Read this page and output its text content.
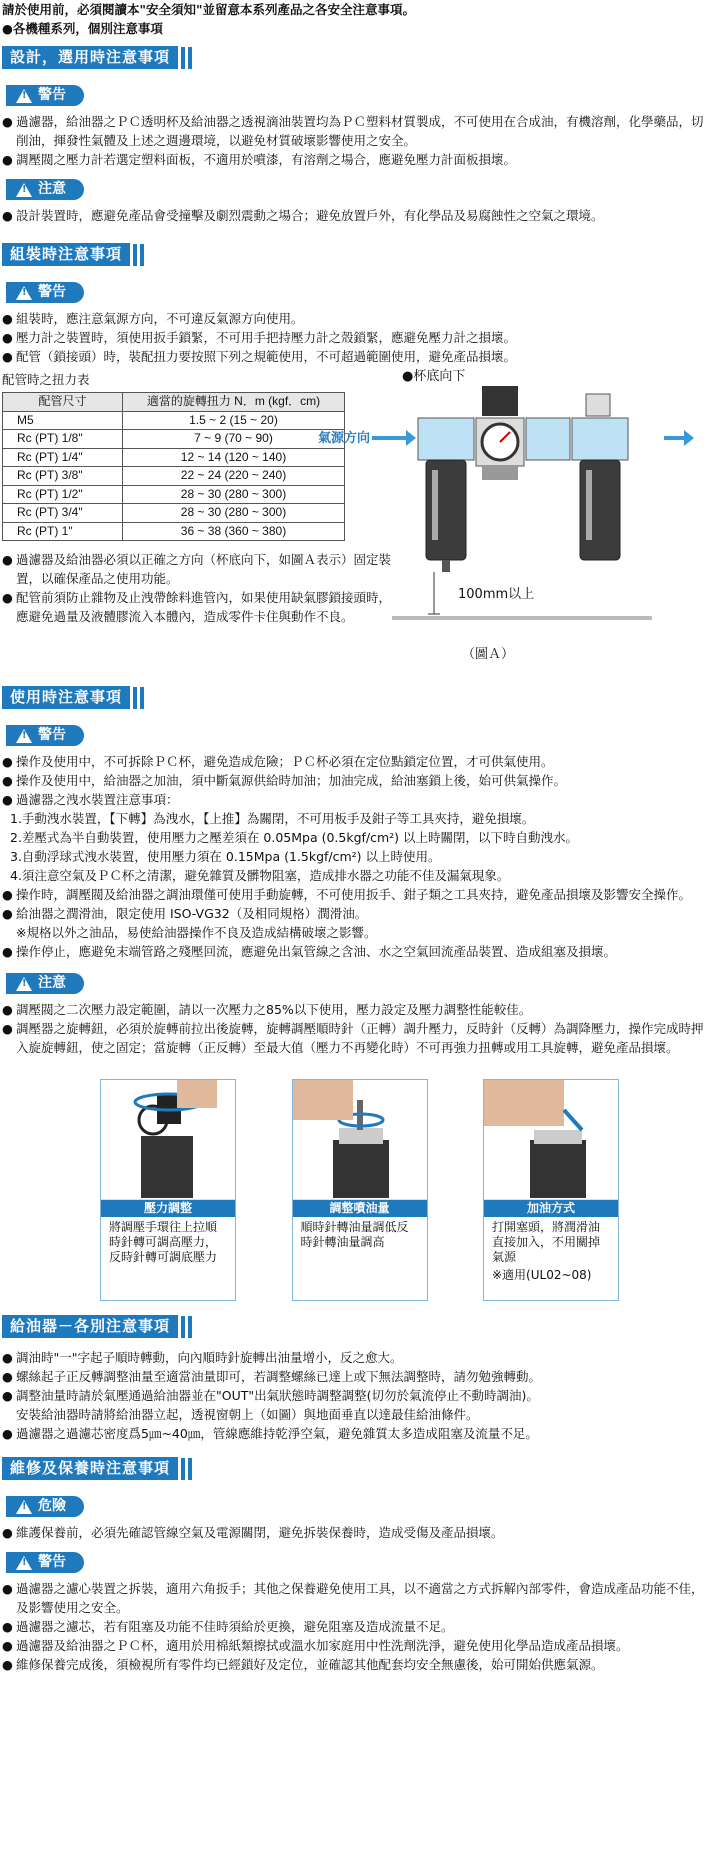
請於使用前，必須閱讀本"安全須知"並留意本系列產品之各安全注意事項。
●各機種系列，個別注意事項
設計，選用時注意事項
!
警告

● 過濾器，給油器之ＰＣ透明杯及給油器之透視滴油裝置均為ＰＣ塑料材質製成，不可使用在合成油，有機溶劑，化學藥品，切削油，揮發性氣體及上述之週邊環境，以避免材質破壞影響使用之安全。

● 調壓閥之壓力計若選定塑料面板，不適用於噴漆，有溶劑之場合，應避免壓力計面板損壞。

!
注意

● 設計裝置時，應避免產品會受撞擊及劇烈震動之場合；避免放置戶外，有化學品及易腐蝕性之空氣之環境。

組裝時注意事項
!
警告

● 組裝時，應注意氣源方向，不可違反氣源方向使用。

● 壓力計之裝置時，須使用扳手鎖緊，不可用手把持壓力計之殼鎖緊，應避免壓力計之損壞。

● 配管（鎖接頭）時，裝配扭力要按照下列之規範使用，不可超過範圍使用，避免產品損壞。

配管時之扭力表
配管尺寸	適當的旋轉扭力 N．m (kgf．cm)
M5	1.5 ~ 2 (15 ~ 20)
Rc (PT) 1/8"	7 ~ 9 (70 ~ 90)
Rc (PT) 1/4"	12 ~ 14 (120 ~ 140)
Rc (PT) 3/8"	22 ~ 24 (220 ~ 240)
Rc (PT) 1/2"	28 ~ 30 (280 ~ 300)
Rc (PT) 3/4"	28 ~ 30 (280 ~ 300)
Rc (PT) 1"	36 ~ 38 (360 ~ 380)

● 過濾器及給油器必須以正確之方向（杯底向下，如圖Ａ表示）固定裝置，以確保產品之使用功能。

● 配管前須防止雜物及止洩帶餘料進管內，如果使用缺氣膠鎖接頭時，應避免過量及液體膠流入本體內，造成零件卡住與動作不良。

●杯底向下
氣源方向
100mm以上
（圖Ａ）
使用時注意事項
!
警告

● 操作及使用中，不可拆除ＰＣ杯，避免造成危險；ＰＣ杯必須在定位點鎖定位置，才可供氣使用。

● 操作及使用中，給油器之加油，須中斷氣源供給時加油；加油完成，給油塞鎖上後，始可供氣操作。

● 過濾器之洩水裝置注意事項：

1.手動洩水裝置，【下轉】為洩水，【上推】為關閉，不可用板手及鉗子等工具夾持，避免損壞。

2.差壓式為半自動裝置，使用壓力之壓差須在 0.05Mpa (0.5kgf/cm²) 以上時關閉，以下時自動洩水。

3.自動浮球式洩水裝置，使用壓力須在 0.15Mpa (1.5kgf/cm²) 以上時使用。

4.須注意空氣及ＰＣ杯之清潔，避免雜質及髒物阻塞，造成排水器之功能不佳及漏氣現象。

● 操作時，調壓閥及給油器之調油環僅可使用手動旋轉，不可使用扳手、鉗子類之工具夾持，避免產品損壞及影響安全操作。

● 給油器之潤滑油，限定使用 ISO-VG32（及相同規格）潤滑油。

※規格以外之油品，易使給油器操作不良及造成結構破壞之影響。

● 操作停止，應避免末端管路之殘壓回流，應避免出氣管線之含油、水之空氣回流產品裝置、造成組塞及損壞。

!
注意

● 調壓閥之二次壓力設定範圍，請以一次壓力之85%以下使用，壓力設定及壓力調整性能較佳。

● 調壓器之旋轉鈕，必須於旋轉前拉出後旋轉，旋轉調壓順時針（正轉）調升壓力，反時針（反轉）為調降壓力，操作完成時押入旋旋轉鈕，使之固定；當旋轉（正反轉）至最大值（壓力不再變化時）不可再強力扭轉或用工具旋轉，避免產品損壞。

壓力調整
將調壓手環往上拉順時針轉可調高壓力，反時針轉可調底壓力
調整噴油量
順時針轉油量調低反時針轉油量調高
加油方式
打開塞頭，將潤滑油直接加入，不用關掉氣源
※適用(UL02~08)
給油器－各別注意事項

● 調油時"一"字起子順時轉動，向內順時針旋轉出油量增小，反之愈大。

● 螺絲起子正反轉調整油量至適當油量即可，若調整螺絲已達上或下無法調整時，請勿勉強轉動。

● 調整油量時請於氣壓通過給油器並在"OUT"出氣狀態時調整調整(切勿於氣流停止不動時調油)。

安裝給油器時請將給油器立起，透視窗朝上（如圖）與地面垂直以達最佳給油條件。

● 過濾器之過濾芯密度爲5㎛~40㎛，管線應維持乾淨空氣，避免雜質太多造成阻塞及流量不足。

維修及保養時注意事項
!
危險

● 維護保養前，必須先確認管線空氣及電源關閉，避免拆裝保養時，造成受傷及產品損壞。

!
警告

● 過濾器之濾心裝置之拆裝，適用六角扳手；其他之保養避免使用工具，以不適當之方式拆解內部零件，會造成產品功能不佳，及影響使用之安全。

● 過濾器之濾芯，若有阻塞及功能不佳時須給於更換，避免阻塞及造成流量不足。

● 過濾器及給油器之ＰＣ杯，適用於用棉紙類擦拭或溫水加家庭用中性洗劑洗淨，避免使用化學品造成產品損壞。

● 維修保養完成後，須檢視所有零件均已經鎖好及定位，並確認其他配套均安全無慮後，始可開始供應氣源。
